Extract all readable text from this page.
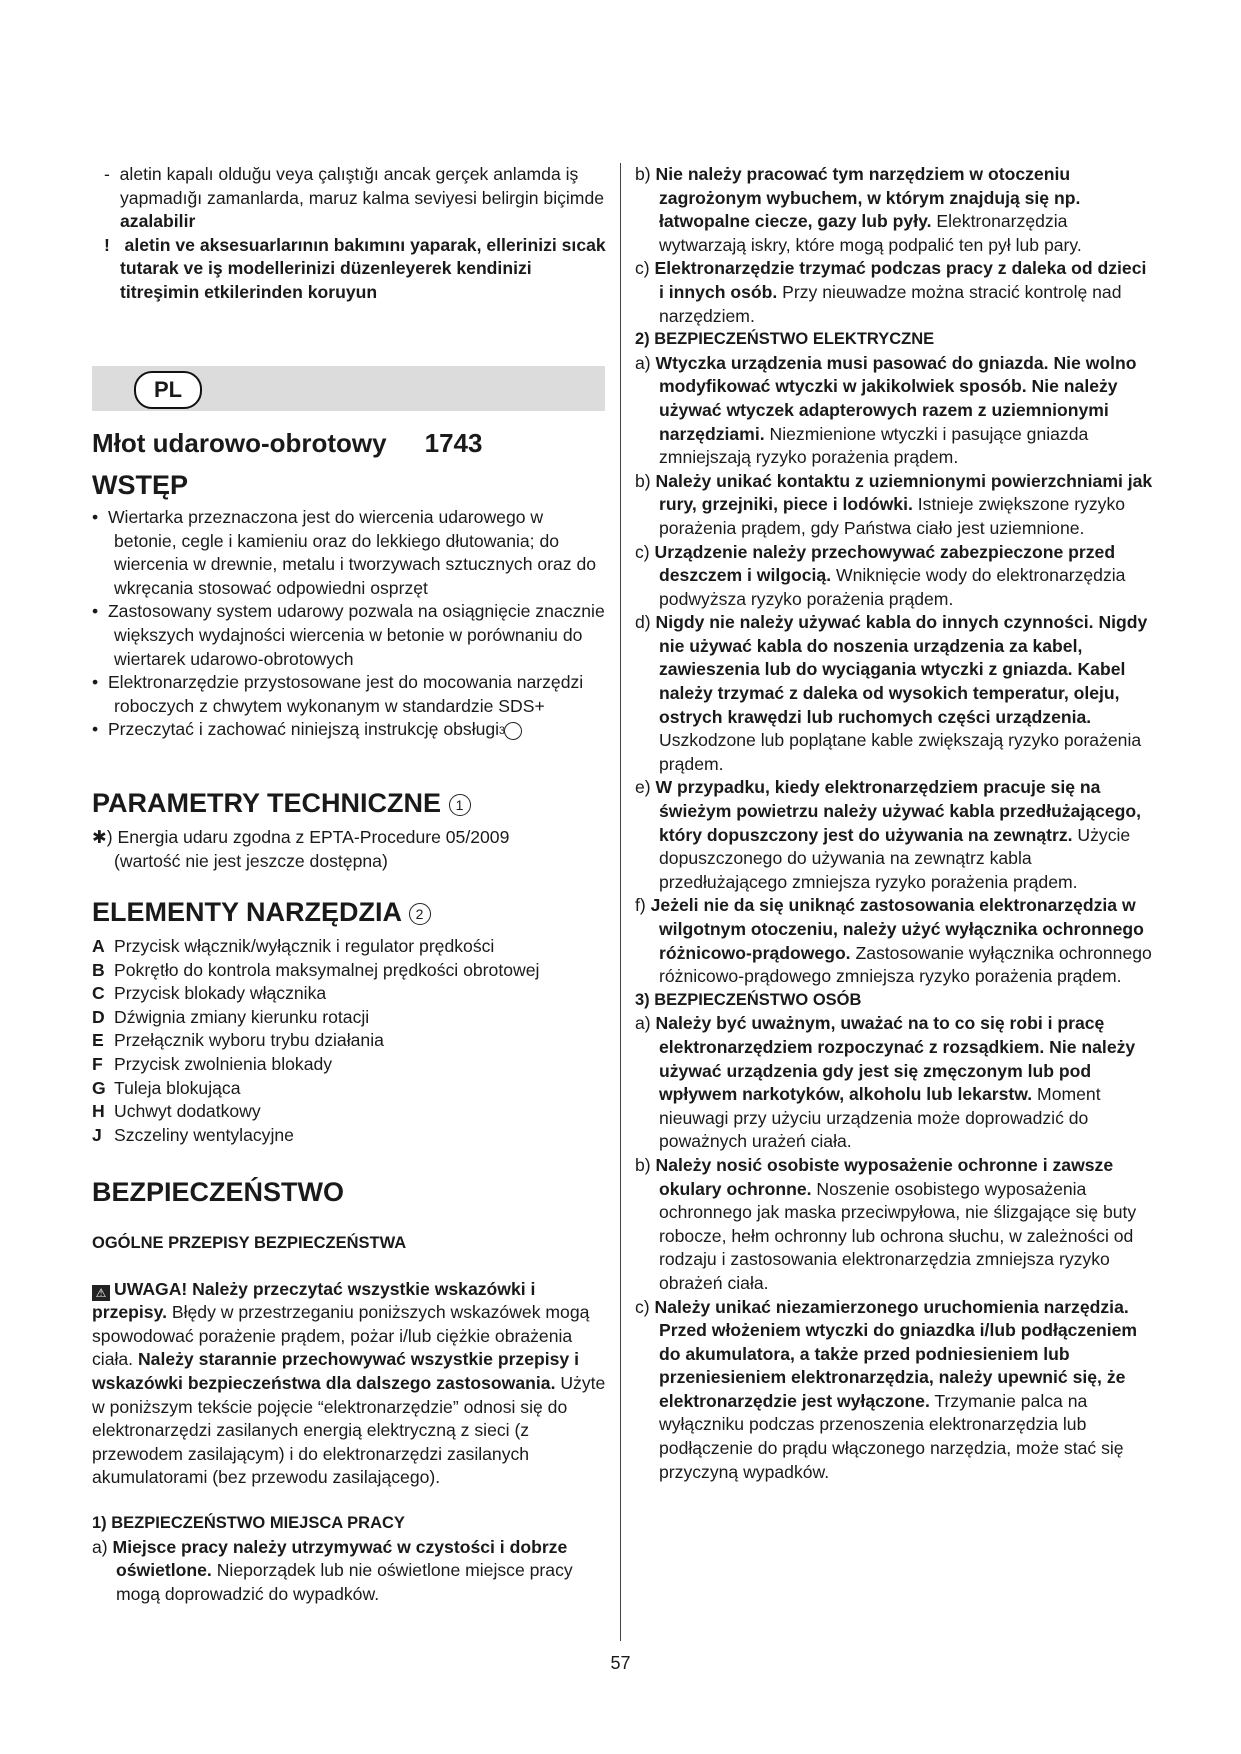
- aletin kapalı olduğu veya çalıştığı ancak gerçek anlamda iş yapmadığı zamanlarda, maruz kalma seviyesi belirgin biçimde azalabilir

! aletin ve aksesuarlarının bakımını yaparak, ellerinizi sıcak tutarak ve iş modellerinizi düzenleyerek kendinizi titreşimin etkilerinden koruyun

PL
Młot udarowo-obrotowy 1743
WSTĘP

•  Wiertarka przeznaczona jest do wiercenia udarowego w betonie, cegle i kamieniu oraz do lekkiego dłutowania; do wiercenia w drewnie, metalu i tworzywach sztucznych oraz do wkręcania stosować odpowiedni osprzęt

•  Zastosowany system udarowy pozwala na osiągnięcie znacznie większych wydajności wiercenia w betonie w porównaniu do wiertarek udarowo-obrotowych

•  Elektronarzędzie przystosowane jest do mocowania narzędzi roboczych z chwytem wykonanym w standardzie SDS+

•  Przeczytać i zachować niniejszą instrukcję obsługi 3

PARAMETRY TECHNICZNE 1

✱) Energia udaru zgodna z EPTA-Procedure 05/2009
(wartość nie jest jeszcze dostępna)

ELEMENTY NARZĘDZIA 2
A Przycisk włącznik/wyłącznik i regulator prędkości
B Pokrętło do kontrola maksymalnej prędkości obrotowej
C Przycisk blokady włącznika
D Dźwignia zmiany kierunku rotacji
E Przełącznik wyboru trybu działania
F Przycisk zwolnienia blokady
G Tuleja blokująca
H Uchwyt dodatkowy
J Szczeliny wentylacyjne
BEZPIECZEŃSTWO

OGÓLNE PRZEPISY BEZPIECZEŃSTWA

⚠ UWAGA! Należy przeczytać wszystkie wskazówki i przepisy. Błędy w przestrzeganiu poniższych wskazówek mogą spowodować porażenie prądem, pożar i/lub ciężkie obrażenia ciała. Należy starannie przechowywać wszystkie przepisy i wskazówki bezpieczeństwa dla dalszego zastosowania. Użyte w poniższym tekście pojęcie “elektronarzędzie” odnosi się do elektronarzędzi zasilanych energią elektryczną z sieci (z przewodem zasilającym) i do elektronarzędzi zasilanych akumulatorami (bez przewodu zasilającego).

1) BEZPIECZEŃSTWO MIEJSCA PRACY

a) Miejsce pracy należy utrzymywać w czystości i dobrze oświetlone. Nieporządek lub nie oświetlone miejsce pracy mogą doprowadzić do wypadków.

b) Nie należy pracować tym narzędziem w otoczeniu zagrożonym wybuchem, w którym znajdują się np. łatwopalne ciecze, gazy lub pyły. Elektronarzędzia wytwarzają iskry, które mogą podpalić ten pył lub pary.

c) Elektronarzędzie trzymać podczas pracy z daleka od dzieci i innych osób. Przy nieuwadze można stracić kontrolę nad narzędziem.

2) BEZPIECZEŃSTWO ELEKTRYCZNE

a) Wtyczka urządzenia musi pasować do gniazda. Nie wolno modyfikować wtyczki w jakikolwiek sposób. Nie należy używać wtyczek adapterowych razem z uziemnionymi narzędziami. Niezmienione wtyczki i pasujące gniazda zmniejszają ryzyko porażenia prądem.

b) Należy unikać kontaktu z uziemnionymi powierzchniami jak rury, grzejniki, piece i lodówki. Istnieje zwiększone ryzyko porażenia prądem, gdy Państwa ciało jest uziemnione.

c) Urządzenie należy przechowywać zabezpieczone przed deszczem i wilgocią. Wniknięcie wody do elektronarzędzia podwyższa ryzyko porażenia prądem.

d) Nigdy nie należy używać kabla do innych czynności. Nigdy nie używać kabla do noszenia urządzenia za kabel, zawieszenia lub do wyciągania wtyczki z gniazda. Kabel należy trzymać z daleka od wysokich temperatur, oleju, ostrych krawędzi lub ruchomych części urządzenia. Uszkodzone lub poplątane kable zwiększają ryzyko porażenia prądem.

e) W przypadku, kiedy elektronarzędziem pracuje się na świeżym powietrzu należy używać kabla przedłużającego, który dopuszczony jest do używania na zewnątrz. Użycie dopuszczonego do używania na zewnątrz kabla przedłużającego zmniejsza ryzyko porażenia prądem.

f) Jeżeli nie da się uniknąć zastosowania elektronarzędzia w wilgotnym otoczeniu, należy użyć wyłącznika ochronnego różnicowo-prądowego. Zastosowanie wyłącznika ochronnego różnicowo-prądowego zmniejsza ryzyko porażenia prądem.

3) BEZPIECZEŃSTWO OSÓB

a) Należy być uważnym, uważać na to co się robi i pracę elektronarzędziem rozpoczynać z rozsądkiem. Nie należy używać urządzenia gdy jest się zmęczonym lub pod wpływem narkotyków, alkoholu lub lekarstw. Moment nieuwagi przy użyciu urządzenia może doprowadzić do poważnych urażeń ciała.

b) Należy nosić osobiste wyposażenie ochronne i zawsze okulary ochronne. Noszenie osobistego wyposażenia ochronnego jak maska przeciwpyłowa, nie ślizgające się buty robocze, hełm ochronny lub ochrona słuchu, w zależności od rodzaju i zastosowania elektronarzędzia zmniejsza ryzyko obrażeń ciała.

c) Należy unikać niezamierzonego uruchomienia narzędzia. Przed włożeniem wtyczki do gniazdka i/lub podłączeniem do akumulatora, a także przed podniesieniem lub przeniesieniem elektronarzędzia, należy upewnić się, że elektronarzędzie jest wyłączone. Trzymanie palca na wyłączniku podczas przenoszenia elektronarzędzia lub podłączenie do prądu włączonego narzędzia, może stać się przyczyną wypadków.

57
